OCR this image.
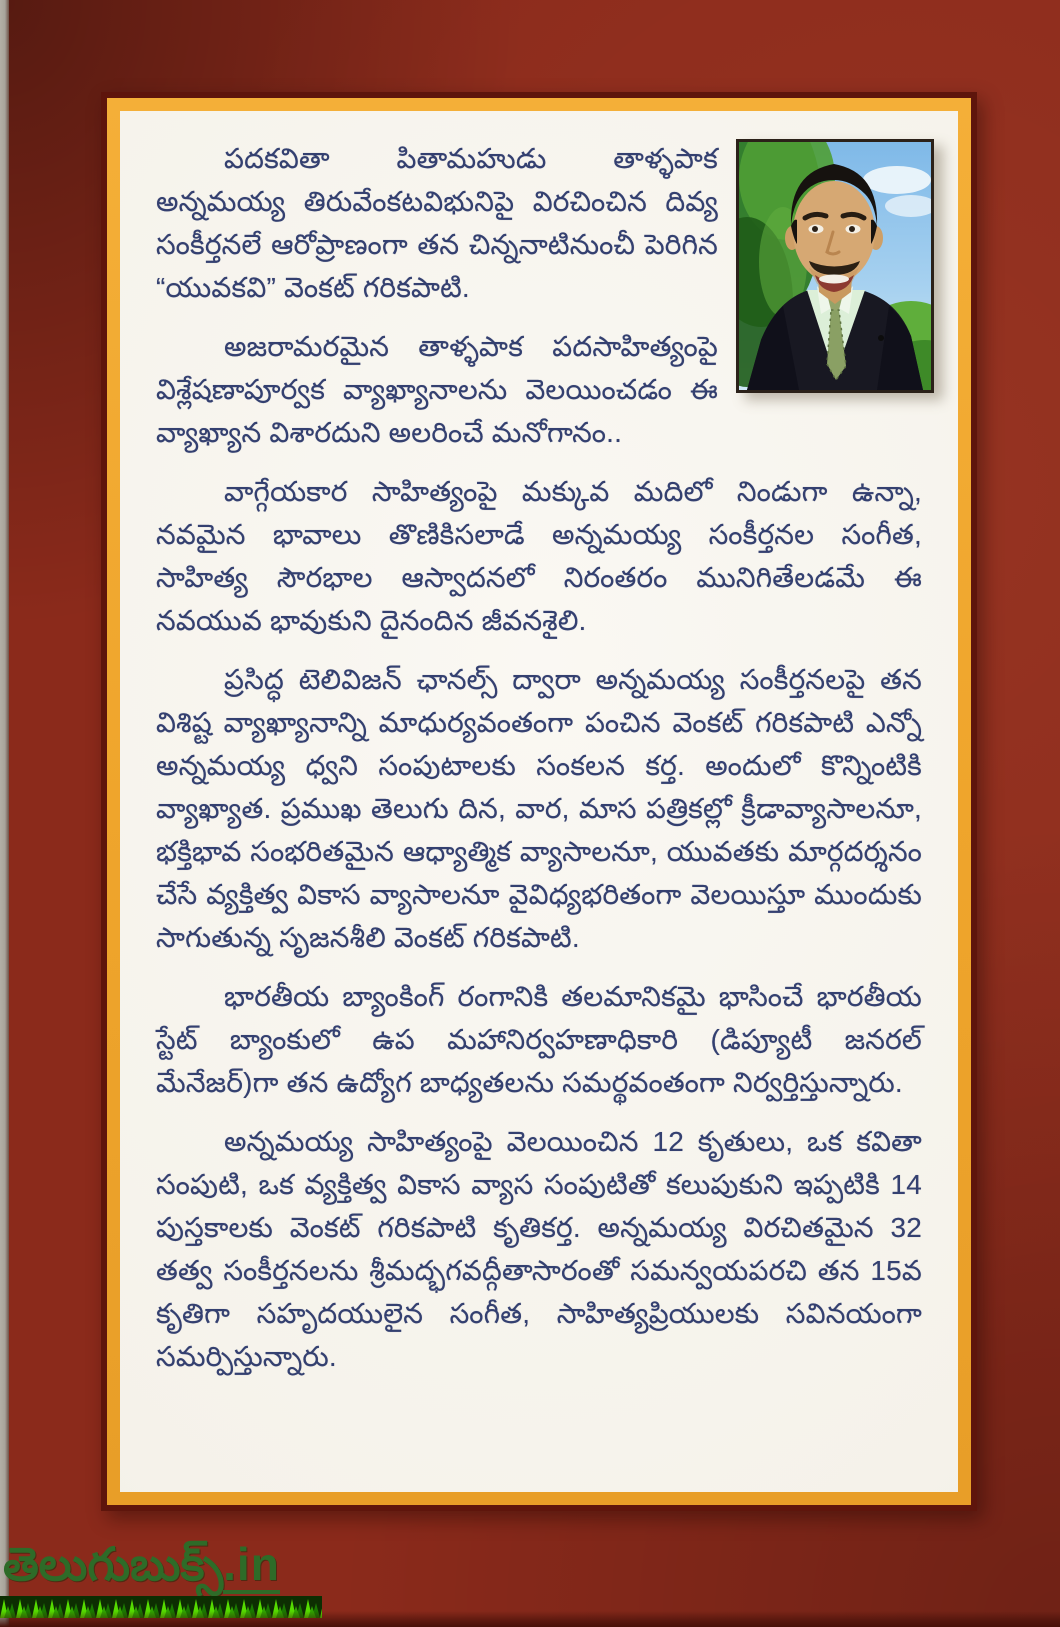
పదకవితా పితామహుడు తాళ్ళపాక అన్నమయ్య తిరువేంకటవిభునిపై విరచించిన దివ్య సంకీర్తనలే ఆరోప్రాణంగా తన చిన్ననాటినుంచీ పెరిగిన “యువకవి” వెంకట్ గరికపాటి.

అజరామరమైన తాళ్ళపాక పదసాహిత్యంపై విశ్లేషణాపూర్వక వ్యాఖ్యానాలను వెలయించడం ఈ వ్యాఖ్యాన విశారదుని అలరించే మనోగానం..

వాగ్గేయకార సాహిత్యంపై మక్కువ మదిలో నిండుగా ఉన్నా, నవమైన భావాలు తొణికిసలాడే అన్నమయ్య సంకీర్తనల సంగీత, సాహిత్య సౌరభాల ఆస్వాదనలో నిరంతరం మునిగితేలడమే ఈ నవయువ భావుకుని దైనందిన జీవనశైలి.

ప్రసిద్ధ టెలివిజన్ ఛానల్స్ ద్వారా అన్నమయ్య సంకీర్తనలపై తన విశిష్ట వ్యాఖ్యానాన్ని మాధుర్యవంతంగా పంచిన వెంకట్ గరికపాటి ఎన్నో అన్నమయ్య ధ్వని సంపుటాలకు సంకలన కర్త. అందులో కొన్నింటికి వ్యాఖ్యాత. ప్రముఖ తెలుగు దిన, వార, మాస పత్రికల్లో క్రీడావ్యాసాలనూ, భక్తిభావ సంభరితమైన ఆధ్యాత్మిక వ్యాసాలనూ, యువతకు మార్గదర్శనం చేసే వ్యక్తిత్వ వికాస వ్యాసాలనూ వైవిధ్యభరితంగా వెలయిస్తూ ముందుకు సాగుతున్న సృజనశీలి వెంకట్ గరికపాటి.

భారతీయ బ్యాంకింగ్ రంగానికి తలమానికమై భాసించే భారతీయ స్టేట్ బ్యాంకులో ఉప మహానిర్వహణాధికారి (డిప్యూటీ జనరల్ మేనేజర్)గా తన ఉద్యోగ బాధ్యతలను సమర్థవంతంగా నిర్వర్తిస్తున్నారు.

అన్నమయ్య సాహిత్యంపై వెలయించిన 12 కృతులు, ఒక కవితా సంపుటి, ఒక వ్యక్తిత్వ వికాస వ్యాస సంపుటితో కలుపుకుని ఇప్పటికి 14 పుస్తకాలకు వెంకట్ గరికపాటి కృతికర్త. అన్నమయ్య విరచితమైన 32 తత్వ సంకీర్తనలను శ్రీమద్భగవద్గీతాసారంతో సమన్వయపరచి తన 15వ కృతిగా సహృదయులైన సంగీత, సాహిత్యప్రియులకు సవినయంగా సమర్పిస్తున్నారు.

తెలుగుబుక్స్.in
